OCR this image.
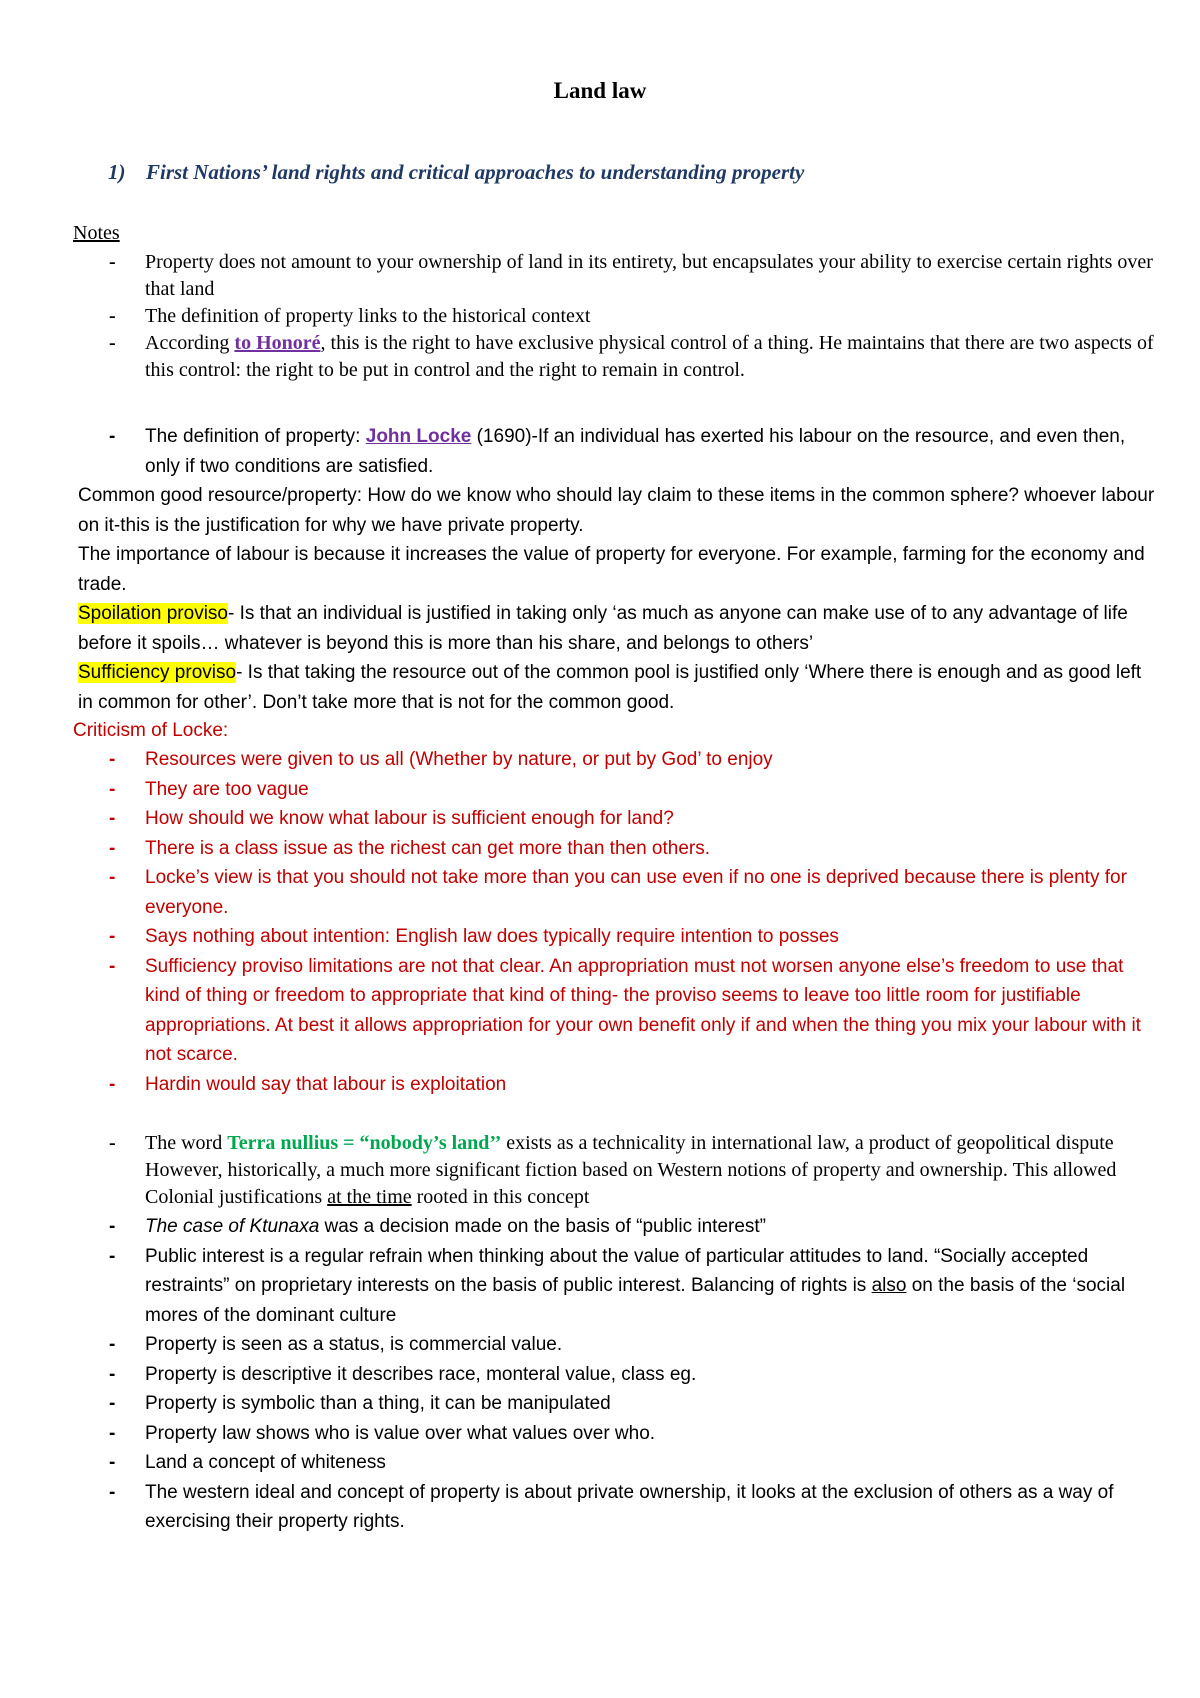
Land law
1) First Nations’ land rights and critical approaches to understanding property
Notes
- Property does not amount to your ownership of land in its entirety, but encapsulates your ability to exercise certain rights over that land
- The definition of property links to the historical context
- According to Honoré, this is the right to have exclusive physical control of a thing. He maintains that there are two aspects of this control: the right to be put in control and the right to remain in control.
- The definition of property: John Locke (1690)-If an individual has exerted his labour on the resource, and even then, only if two conditions are satisfied.

Common good resource/property: How do we know who should lay claim to these items in the common sphere? whoever labour on it-this is the justification for why we have private property.

The importance of labour is because it increases the value of property for everyone. For example, farming for the economy and trade.

Spoilation proviso- Is that an individual is justified in taking only ‘as much as anyone can make use of to any advantage of life before it spoils… whatever is beyond this is more than his share, and belongs to others’

Sufficiency proviso- Is that taking the resource out of the common pool is justified only ‘Where there is enough and as good left in common for other’. Don’t take more that is not for the common good.

Criticism of Locke:
- Resources were given to us all (Whether by nature, or put by God’ to enjoy
- They are too vague
- How should we know what labour is sufficient enough for land?
- There is a class issue as the richest can get more than then others.
- Locke’s view is that you should not take more than you can use even if no one is deprived because there is plenty for everyone.
- Says nothing about intention: English law does typically require intention to posses
- Sufficiency proviso limitations are not that clear. An appropriation must not worsen anyone else’s freedom to use that kind of thing or freedom to appropriate that kind of thing- the proviso seems to leave too little room for justifiable appropriations. At best it allows appropriation for your own benefit only if and when the thing you mix your labour with it not scarce.
- Hardin would say that labour is exploitation
- The word Terra nullius = “nobody’s land’’ exists as a technicality in international law, a product of geopolitical dispute However, historically, a much more significant fiction based on Western notions of property and ownership. This allowed Colonial justifications at the time rooted in this concept
- The case of Ktunaxa was a decision made on the basis of “public interest”
- Public interest is a regular refrain when thinking about the value of particular attitudes to land. “Socially accepted restraints” on proprietary interests on the basis of public interest. Balancing of rights is also on the basis of the ‘social mores of the dominant culture
- Property is seen as a status, is commercial value.
- Property is descriptive it describes race, monteral value, class eg.
- Property is symbolic than a thing, it can be manipulated
- Property law shows who is value over what values over who.
- Land a concept of whiteness
- The western ideal and concept of property is about private ownership, it looks at the exclusion of others as a way of exercising their property rights.
